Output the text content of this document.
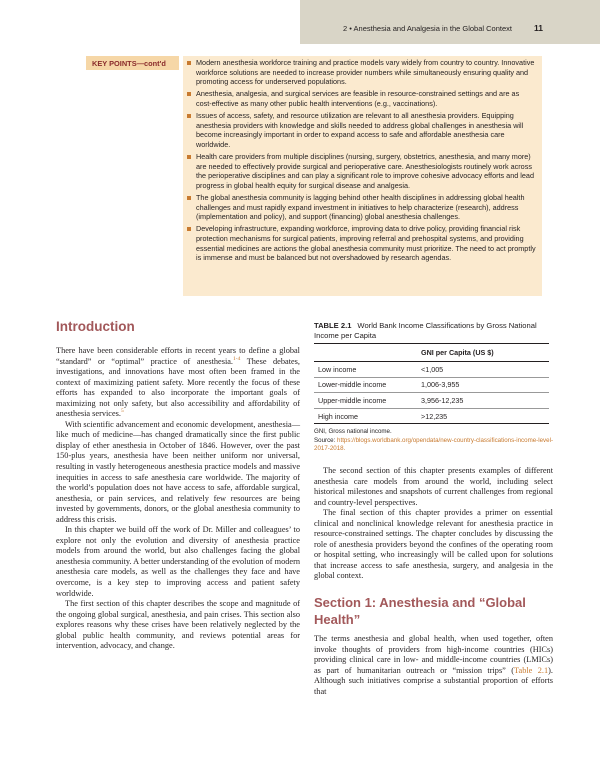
2 • Anesthesia and Analgesia in the Global Context	11
KEY POINTS—cont'd	Modern anesthesia workforce training and practice models vary widely from country to country. Innovative workforce solutions are needed to increase provider numbers while simultaneously ensuring quality and promoting access for underserved populations.
Anesthesia, analgesia, and surgical services are feasible in resource-constrained settings and are as cost-effective as many other public health interventions (e.g., vaccinations).
Issues of access, safety, and resource utilization are relevant to all anesthesia providers. Equipping anesthesia providers with knowledge and skills needed to address global challenges in anesthesia will become increasingly important in order to expand access to safe and affordable anesthesia care worldwide.
Health care providers from multiple disciplines (nursing, surgery, obstetrics, anesthesia, and many more) are needed to effectively provide surgical and perioperative care. Anesthesiologists routinely work across the perioperative disciplines and can play a significant role to improve cohesive advocacy efforts and lead progress in global health equity for surgical disease and analgesia.
The global anesthesia community is lagging behind other health disciplines in addressing global health challenges and must rapidly expand investment in initiatives to help characterize (research), address (implementation and policy), and support (financing) global anesthesia challenges.
Developing infrastructure, expanding workforce, improving data to drive policy, providing financial risk protection mechanisms for surgical patients, improving referral and prehospital systems, and providing essential medicines are actions the global anesthesia community must prioritize. The need to act promptly is immense and must be balanced but not overshadowed by research agendas.
Introduction

There have been considerable efforts in recent years to define a global “standard” or “optimal” practice of anesthesia.$^{1-4}$ These debates, investigations, and innovations have most often been framed in the context of maximizing patient safety. More recently the focus of these efforts has expanded to also incorporate the important goals of maximizing not only safety, but also accessibility and affordability of anesthesia services.$^5$

With scientific advancement and economic development, anesthesia—like much of medicine—has changed dramatically since the first public display of ether anesthesia in October of 1846. However, over the past 150-plus years, anesthesia have been neither uniform nor universal, resulting in vastly heterogeneous anesthesia practice models and massive inequities in access to safe anesthesia care worldwide. The majority of the world’s population does not have access to safe, affordable surgical, anesthesia, or pain services, and relatively few resources are being invested by governments, donors, or the global anesthesia community to address this crisis.

In this chapter we build off the work of Dr. Miller and colleagues’ to explore not only the evolution and diversity of anesthesia practice models from around the world, but also challenges facing the global anesthesia community. A better understanding of the evolution of modern anesthesia care models, as well as the challenges they face and have overcome, is a key step to improving access and patient safety worldwide.

The first section of this chapter describes the scope and magnitude of the ongoing global surgical, anesthesia, and pain crises. This section also explores reasons why these crises have been relatively neglected by the global public health community, and reviews potential areas for intervention, advocacy, and change.

TABLE 2.1 World Bank Income Classifications by Gross National Income per Capita
	GNI per Capita (US $)
Low income	<1,005
Lower-middle income	1,006-3,955
Upper-middle income	3,956-12,235
High income	>12,235
GNI, Gross national income.
Source: https://blogs.worldbank.org/opendata/new-country-classifications-income-level-2017-2018.

The second section of this chapter presents examples of different anesthesia care models from around the world, including select historical milestones and snapshots of current challenges from regional and country-level perspectives.

The final section of this chapter provides a primer on essential clinical and nonclinical knowledge relevant for anesthesia practice in resource-constrained settings. The chapter concludes by discussing the role of anesthesia providers beyond the confines of the operating room or hospital setting, who increasingly will be called upon for solutions that increase access to safe anesthesia, surgery, and analgesia in the global context.

Section 1: Anesthesia and “Global Health”

The terms anesthesia and global health, when used together, often invoke thoughts of providers from high-income countries (HICs) providing clinical care in low- and middle-income countries (LMICs) as part of humanitarian outreach or “mission trips” (Table 2.1). Although such initiatives comprise a substantial proportion of efforts that
